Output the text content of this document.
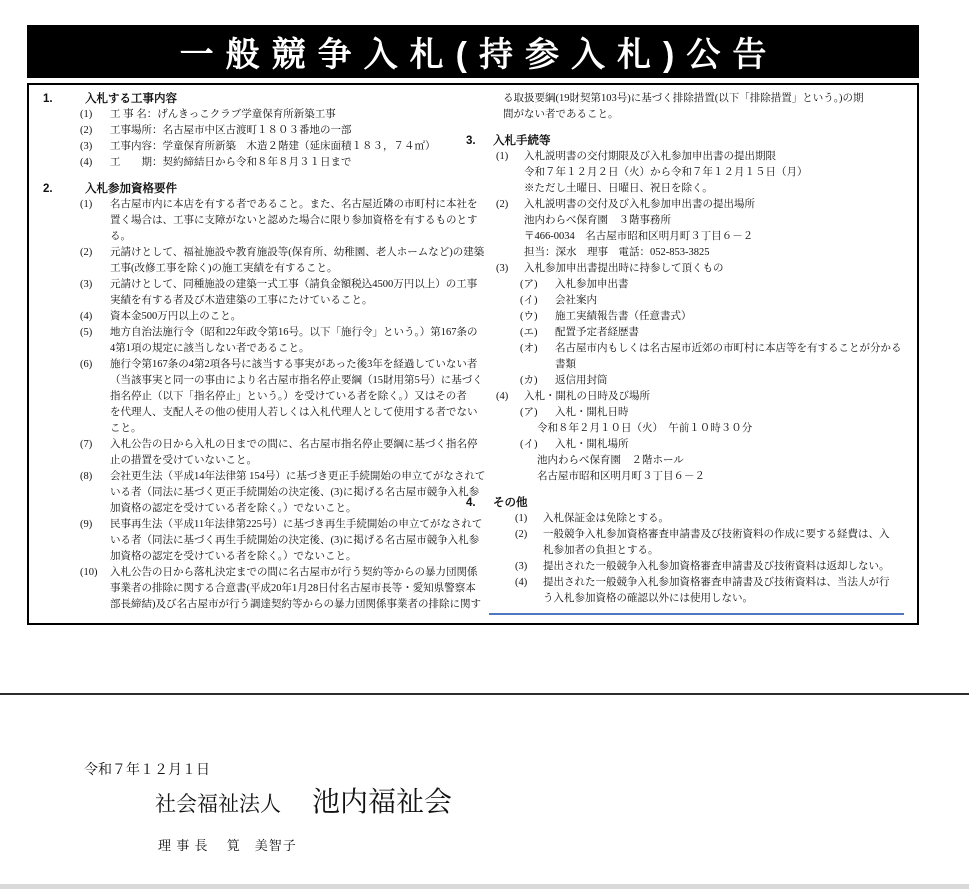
一般競争入札(持参入札)公告
1.	入札する工事内容
(1) 工 事 名：げんきっこクラブ学童保育所新築工事
(2) 工事場所：名古屋市中区古渡町１８０３番地の一部
(3) 工事内容：学童保育所新築　木造２階建（延床面積１８３，７４㎡）
(4) 工　　期：契約締結日から令和８年８月３１日まで
2.	入札参加資格要件
(1) 名古屋市内に本店を有する者であること。また、名古屋近隣の市町村に本社を
置く場合は、工事に支障がないと認めた場合に限り参加資格を有するものとす
る。
(2) 元請けとして、福祉施設や教育施設等(保育所、幼稚園、老人ホームなど)の建築
工事(改修工事を除く)の施工実績を有すること。
(3) 元請けとして、同種施設の建築一式工事（請負金額税込4500万円以上）の工事
実績を有する者及び木造建築の工事にたけていること。
(4) 資本金500万円以上のこと。
(5) 地方自治法施行令（昭和22年政令第16号。以下「施行令」という。）第167条の
4第1項の規定に該当しない者であること。
(6) 施行令第167条の4第2項各号に該当する事実があった後3年を経過していない者
（当該事実と同一の事由により名古屋市指名停止要綱（15財用第5号）に基づく
指名停止（以下「指名停止」という。）を受けている者を除く。）又はその者
を代理人、支配人その他の使用人若しくは入札代理人として使用する者でない
こと。
(7) 入札公告の日から入札の日までの間に、名古屋市指名停止要綱に基づく指名停
止の措置を受けていないこと。
(8) 会社更生法（平成14年法律第 154号）に基づき更正手続開始の申立てがなされて
いる者（同法に基づく更正手続開始の決定後、(3)に掲げる名古屋市競争入札参
加資格の認定を受けている者を除く。）でないこと。
(9) 民事再生法（平成11年法律第225号）に基づき再生手続開始の申立てがなされて
いる者（同法に基づく再生手続開始の決定後、(3)に掲げる名古屋市競争入札参
加資格の認定を受けている者を除く。）でないこと。
(10) 入札公告の日から落札決定までの間に名古屋市が行う契約等からの暴力団関係
事業者の排除に関する合意書(平成20年1月28日付名古屋市長等・愛知県警察本
部長締結)及び名古屋市が行う調達契約等からの暴力団関係事業者の排除に関す
る取扱要綱(19財契第103号)に基づく排除措置(以下「排除措置」という。)の期
間がない者であること。
3. 入札手続等
(1) 入札説明書の交付期限及び入札参加申出書の提出期限
令和７年１２月２日（火）から令和７年１２月１５日（月）
※ただし土曜日、日曜日、祝日を除く。
(2) 入札説明書の交付及び入札参加申出書の提出場所
池内わらべ保育園　３階事務所
〒466-0034　名古屋市昭和区明月町３丁目６－２
担当：深水　理事　電話：052-853-3825
(3) 入札参加申出書提出時に持参して頂くもの
(ア) 入札参加申出書
(イ) 会社案内
(ウ) 施工実績報告書（任意書式）
(エ) 配置予定者経歴書
(オ) 名古屋市内もしくは名古屋市近郊の市町村に本店等を有することが分かる
書類
(カ) 返信用封筒
(4) 入札・開札の日時及び場所
(ア) 入札・開札日時
令和８年２月１０日（火）　午前１０時３０分
(イ) 入札・開札場所
池内わらべ保育園　２階ホール
名古屋市昭和区明月町３丁目６－２
4. その他
(1) 入札保証金は免除とする。
(2) 一般競争入札参加資格審査申請書及び技術資料の作成に要する経費は、入
札参加者の負担とする。
(3) 提出された一般競争入札参加資格審査申請書及び技術資料は返却しない。
(4) 提出された一般競争入札参加資格審査申請書及び技術資料は、当法人が行
う入札参加資格の確認以外には使用しない。
令和７年１２月１日
社会福祉法人 池内福祉会
理 事 長 筧　美智子
